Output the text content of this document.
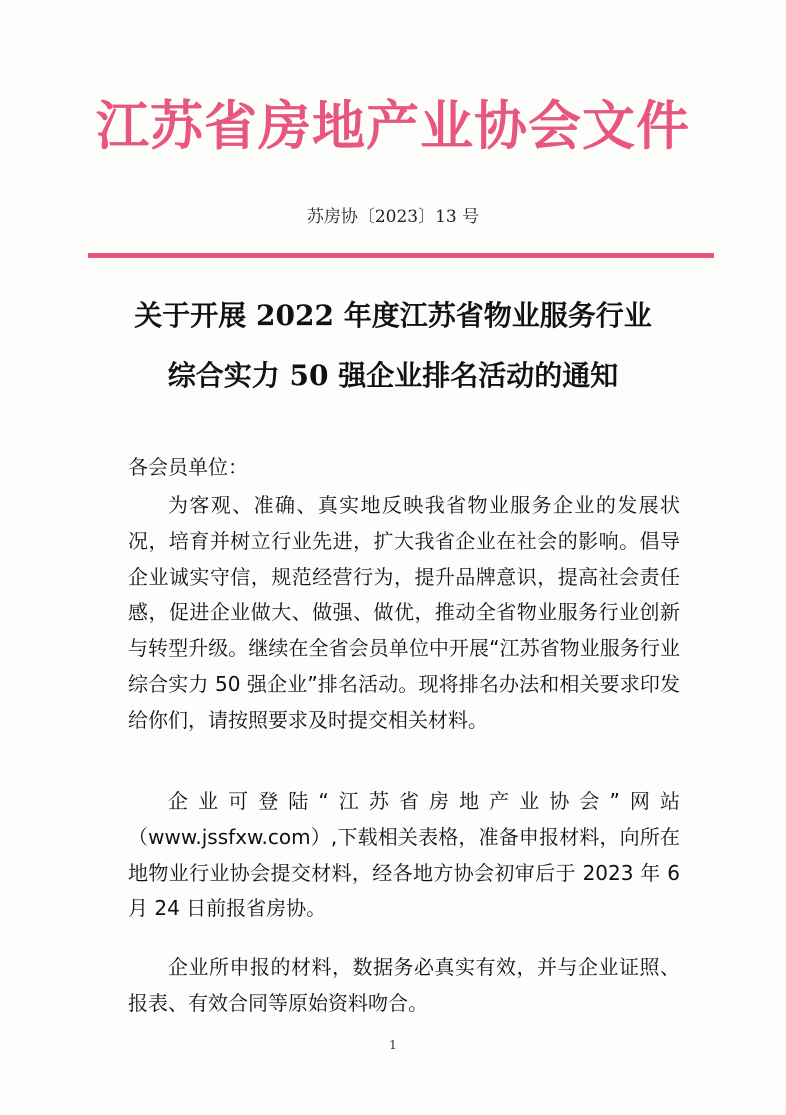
江苏省房地产业协会文件
苏房协〔2023〕13 号
关于开展 2022 年度江苏省物业服务行业
综合实力 50 强企业排名活动的通知
各会员单位：

为客观、准确、真实地反映我省物业服务企业的发展状况，培育并树立行业先进，扩大我省企业在社会的影响。倡导企业诚实守信，规范经营行为，提升品牌意识，提高社会责任感，促进企业做大、做强、做优，推动全省物业服务行业创新与转型升级。继续在全省会员单位中开展“江苏省物业服务行业综合实力 50 强企业”排名活动。现将排名办法和相关要求印发给你们，请按照要求及时提交相关材料。

企业可登陆“江苏省房地产业协会”网站（www.jssfxw.com）,下载相关表格，准备申报材料，向所在地物业行业协会提交材料，经各地方协会初审后于 2023 年 6 月 24 日前报省房协。

企业所申报的材料，数据务必真实有效，并与企业证照、报表、有效合同等原始资料吻合。

1
